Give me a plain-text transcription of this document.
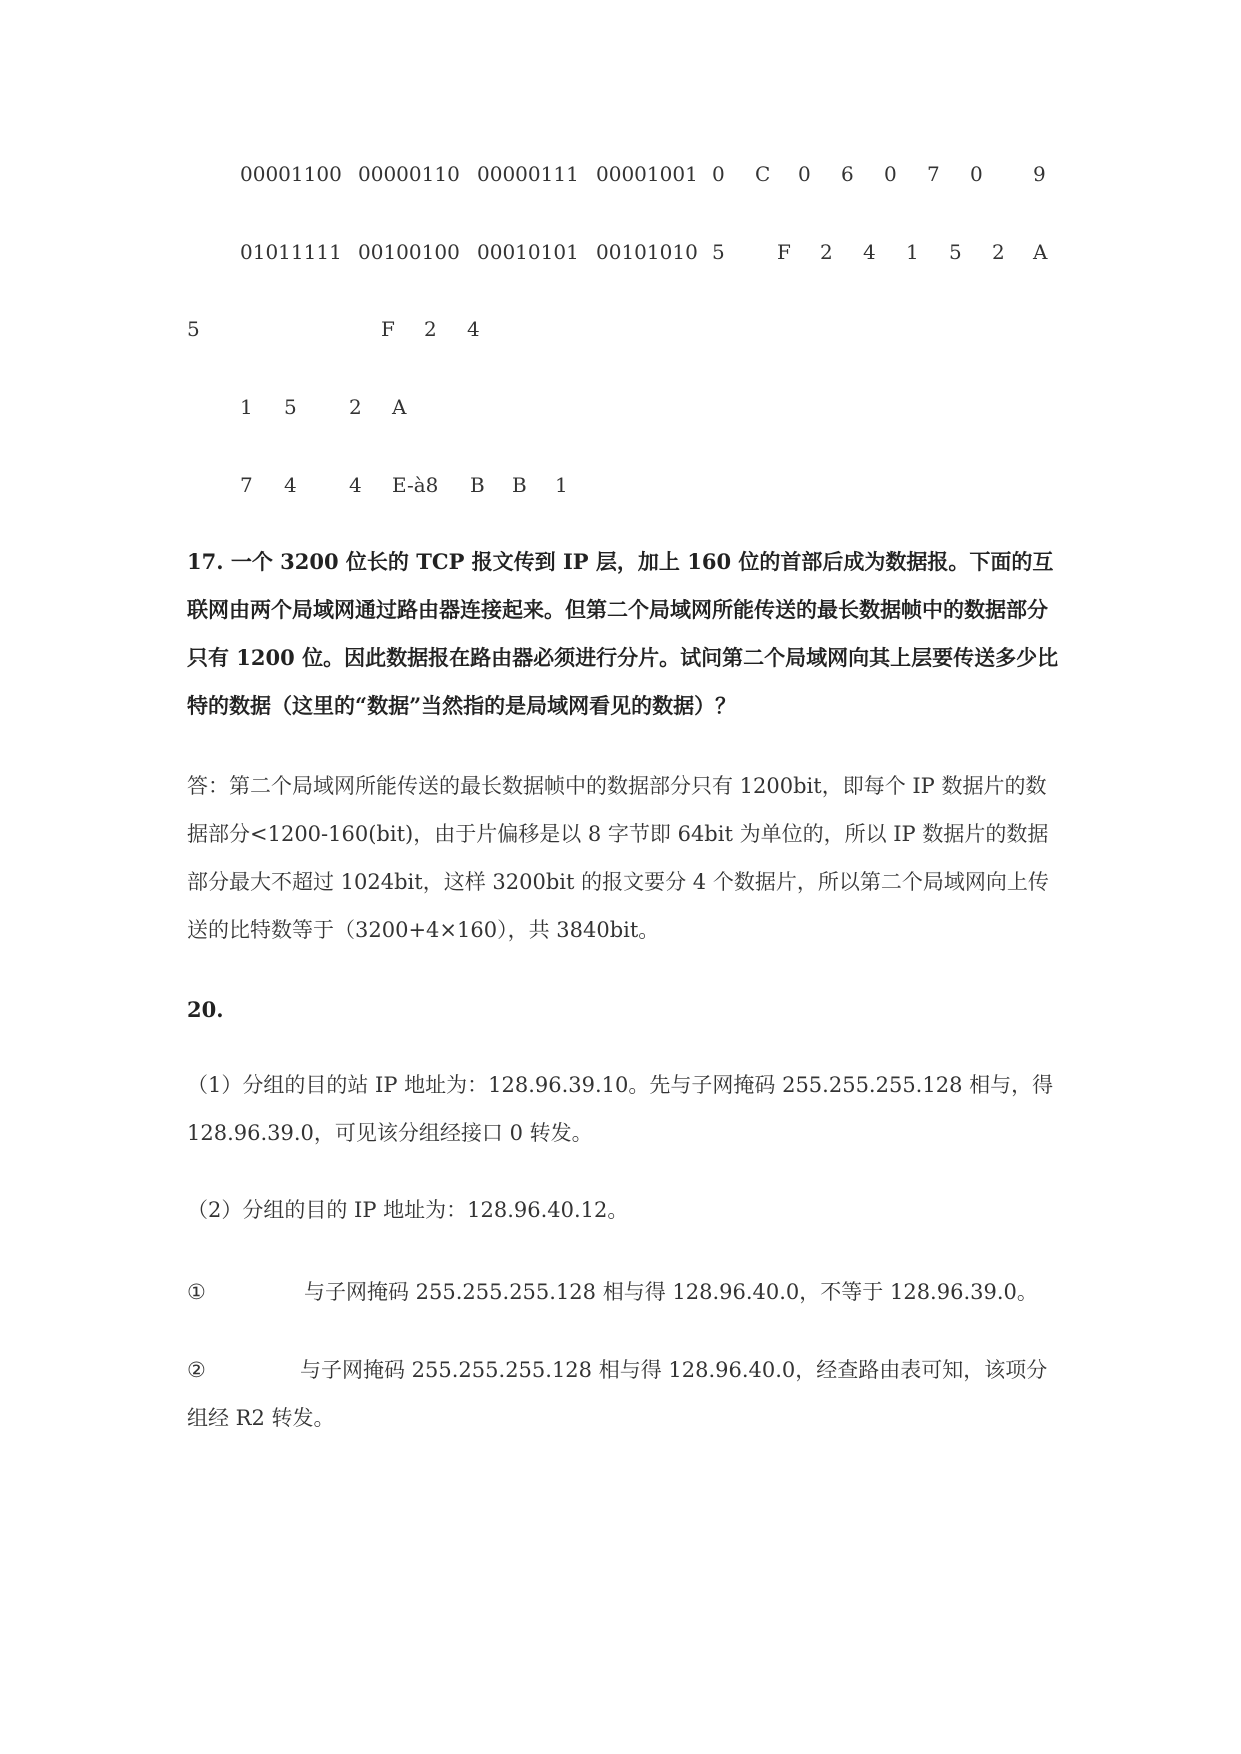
00001100 00000110 00000111 00001001 0 C 0 6 0 7 0	9
01011111 00100100 00010101 00101010 5	F 2 4 1 5 2 A
5	F 2 4
1 5	2 A
7 4	4 E-à8 B B 1
17. 一个 3200 位长的 TCP 报文传到 IP 层，加上 160 位的首部后成为数据报。下面的互联网由两个局域网通过路由器连接起来。但第二个局域网所能传送的最长数据帧中的数据部分只有 1200 位。因此数据报在路由器必须进行分片。试问第二个局域网向其上层要传送多少比特的数据（这里的“数据”当然指的是局域网看见的数据）？
答：第二个局域网所能传送的最长数据帧中的数据部分只有 1200bit，即每个 IP 数据片的数据部分<1200-160(bit)，由于片偏移是以 8 字节即 64bit 为单位的，所以 IP 数据片的数据部分最大不超过 1024bit，这样 3200bit 的报文要分 4 个数据片，所以第二个局域网向上传送的比特数等于（3200+4×160），共 3840bit。
20.
（1）分组的目的站 IP 地址为：128.96.39.10。先与子网掩码 255.255.255.128 相与，得 128.96.39.0，可见该分组经接口 0 转发。
（2）分组的目的 IP 地址为：128.96.40.12。
①	与子网掩码 255.255.255.128 相与得 128.96.40.0，不等于 128.96.39.0。
②	与子网掩码 255.255.255.128 相与得 128.96.40.0，经查路由表可知，该项分组经 R2 转发。
